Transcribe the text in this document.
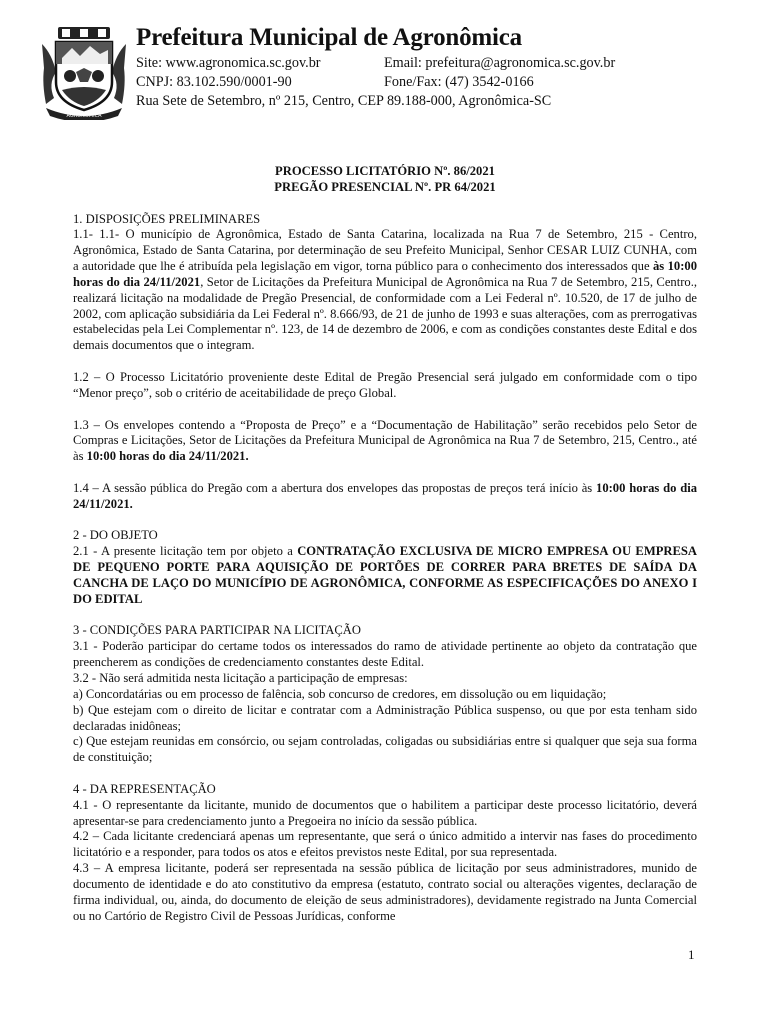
AGRONÔMICA
Prefeitura Municipal de Agronômica
Site: www.agronomica.sc.gov.br	Email: prefeitura@agronomica.sc.gov.br
CNPJ: 83.102.590/0001-90	Fone/Fax: (47) 3542-0166
Rua Sete de Setembro, nº 215, Centro, CEP 89.188-000, Agronômica-SC
PROCESSO LICITATÓRIO Nº. 86/2021
PREGÃO PRESENCIAL Nº. PR 64/2021

1. DISPOSIÇÕES PRELIMINARES

1.1- 1.1- O município de Agronômica, Estado de Santa Catarina, localizada na Rua 7 de Setembro, 215 - Centro, Agronômica, Estado de Santa Catarina, por determinação de seu Prefeito Municipal, Senhor CESAR LUIZ CUNHA, com a autoridade que lhe é atribuída pela legislação em vigor, torna público para o conhecimento dos interessados que às 10:00 horas do dia 24/11/2021, Setor de Licitações da Prefeitura Municipal de Agronômica na Rua 7 de Setembro, 215, Centro., realizará licitação na modalidade de Pregão Presencial, de conformidade com a Lei Federal nº. 10.520, de 17 de julho de 2002, com aplicação subsidiária da Lei Federal nº. 8.666/93, de 21 de junho de 1993 e suas alterações, com as prerrogativas estabelecidas pela Lei Complementar nº. 123, de 14 de dezembro de 2006, e com as condições constantes deste Edital e dos demais documentos que o integram.

1.2 – O Processo Licitatório proveniente deste Edital de Pregão Presencial será julgado em conformidade com o tipo “Menor preço”, sob o critério de aceitabilidade de preço Global.

1.3 – Os envelopes contendo a “Proposta de Preço” e a “Documentação de Habilitação” serão recebidos pelo Setor de Compras e Licitações, Setor de Licitações da Prefeitura Municipal de Agronômica na Rua 7 de Setembro, 215, Centro., até às 10:00 horas do dia 24/11/2021.

1.4 – A sessão pública do Pregão com a abertura dos envelopes das propostas de preços terá início às 10:00 horas do dia 24/11/2021.

2 - DO OBJETO

2.1 - A presente licitação tem por objeto a CONTRATAÇÃO EXCLUSIVA DE MICRO EMPRESA OU EMPRESA DE PEQUENO PORTE PARA AQUISIÇÃO DE PORTÕES DE CORRER PARA BRETES DE SAÍDA DA CANCHA DE LAÇO DO MUNICÍPIO DE AGRONÔMICA, CONFORME AS ESPECIFICAÇÕES DO ANEXO I DO EDITAL

3 - CONDIÇÕES PARA PARTICIPAR NA LICITAÇÃO

3.1 - Poderão participar do certame todos os interessados do ramo de atividade pertinente ao objeto da contratação que preencherem as condições de credenciamento constantes deste Edital.

3.2 - Não será admitida nesta licitação a participação de empresas:

a) Concordatárias ou em processo de falência, sob concurso de credores, em dissolução ou em liquidação;

b) Que estejam com o direito de licitar e contratar com a Administração Pública suspenso, ou que por esta tenham sido declaradas inidôneas;

c) Que estejam reunidas em consórcio, ou sejam controladas, coligadas ou subsidiárias entre si qualquer que seja sua forma de constituição;

4 - DA REPRESENTAÇÃO

4.1 - O representante da licitante, munido de documentos que o habilitem a participar deste processo licitatório, deverá apresentar-se para credenciamento junto a Pregoeira no início da sessão pública.

4.2 – Cada licitante credenciará apenas um representante, que será o único admitido a intervir nas fases do procedimento licitatório e a responder, para todos os atos e efeitos previstos neste Edital, por sua representada.

4.3 – A empresa licitante, poderá ser representada na sessão pública de licitação por seus administradores, munido de documento de identidade e do ato constitutivo da empresa (estatuto, contrato social ou alterações vigentes, declaração de firma individual, ou, ainda, do documento de eleição de seus administradores), devidamente registrado na Junta Comercial ou no Cartório de Registro Civil de Pessoas Jurídicas, conforme

1
